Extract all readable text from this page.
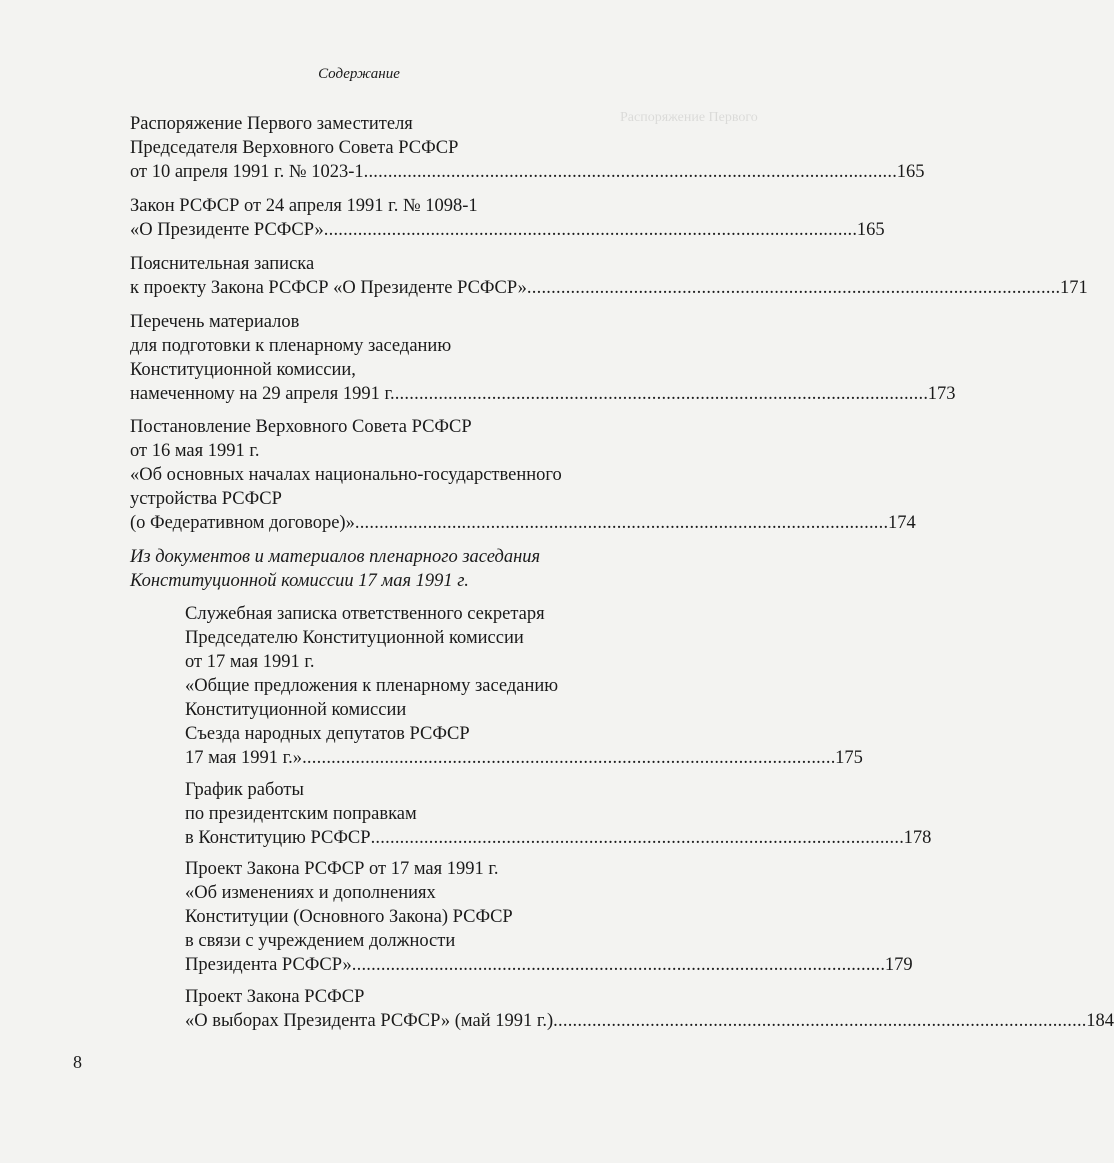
Распоряжение Первого
Содержание
Распоряжение Первого заместителя
Председателя Верховного Совета РСФСР
от 10 апреля 1991 г. № 1023-1 . . .	165
Закон РСФСР от 24 апреля 1991 г. № 1098-1
«О Президенте РСФСР» . . .	165
Пояснительная записка
к проекту Закона РСФСР «О Президенте РСФСР» . . .	171
Перечень материалов
для подготовки к пленарному заседанию
Конституционной комиссии,
намеченному на 29 апреля 1991 г. . . .	173
Постановление Верховного Совета РСФСР
от 16 мая 1991 г.
«Об основных началах национально-государственного
устройства РСФСР
(о Федеративном договоре)» . . .	174
Из документов и материалов пленарного заседания
Конституционной комиссии 17 мая 1991 г.
Служебная записка ответственного секретаря
Председателю Конституционной комиссии
от 17 мая 1991 г.
«Общие предложения к пленарному заседанию
Конституционной комиссии
Съезда народных депутатов РСФСР
17 мая 1991 г.» . . .	175
График работы
по президентским поправкам
в Конституцию РСФСР . . .	178
Проект Закона РСФСР от 17 мая 1991 г.
«Об изменениях и дополнениях
Конституции (Основного Закона) РСФСР
в связи с учреждением должности
Президента РСФСР» . . .	179
Проект Закона РСФСР
«О выборах Президента РСФСР» (май 1991 г.) . . .	184
8
